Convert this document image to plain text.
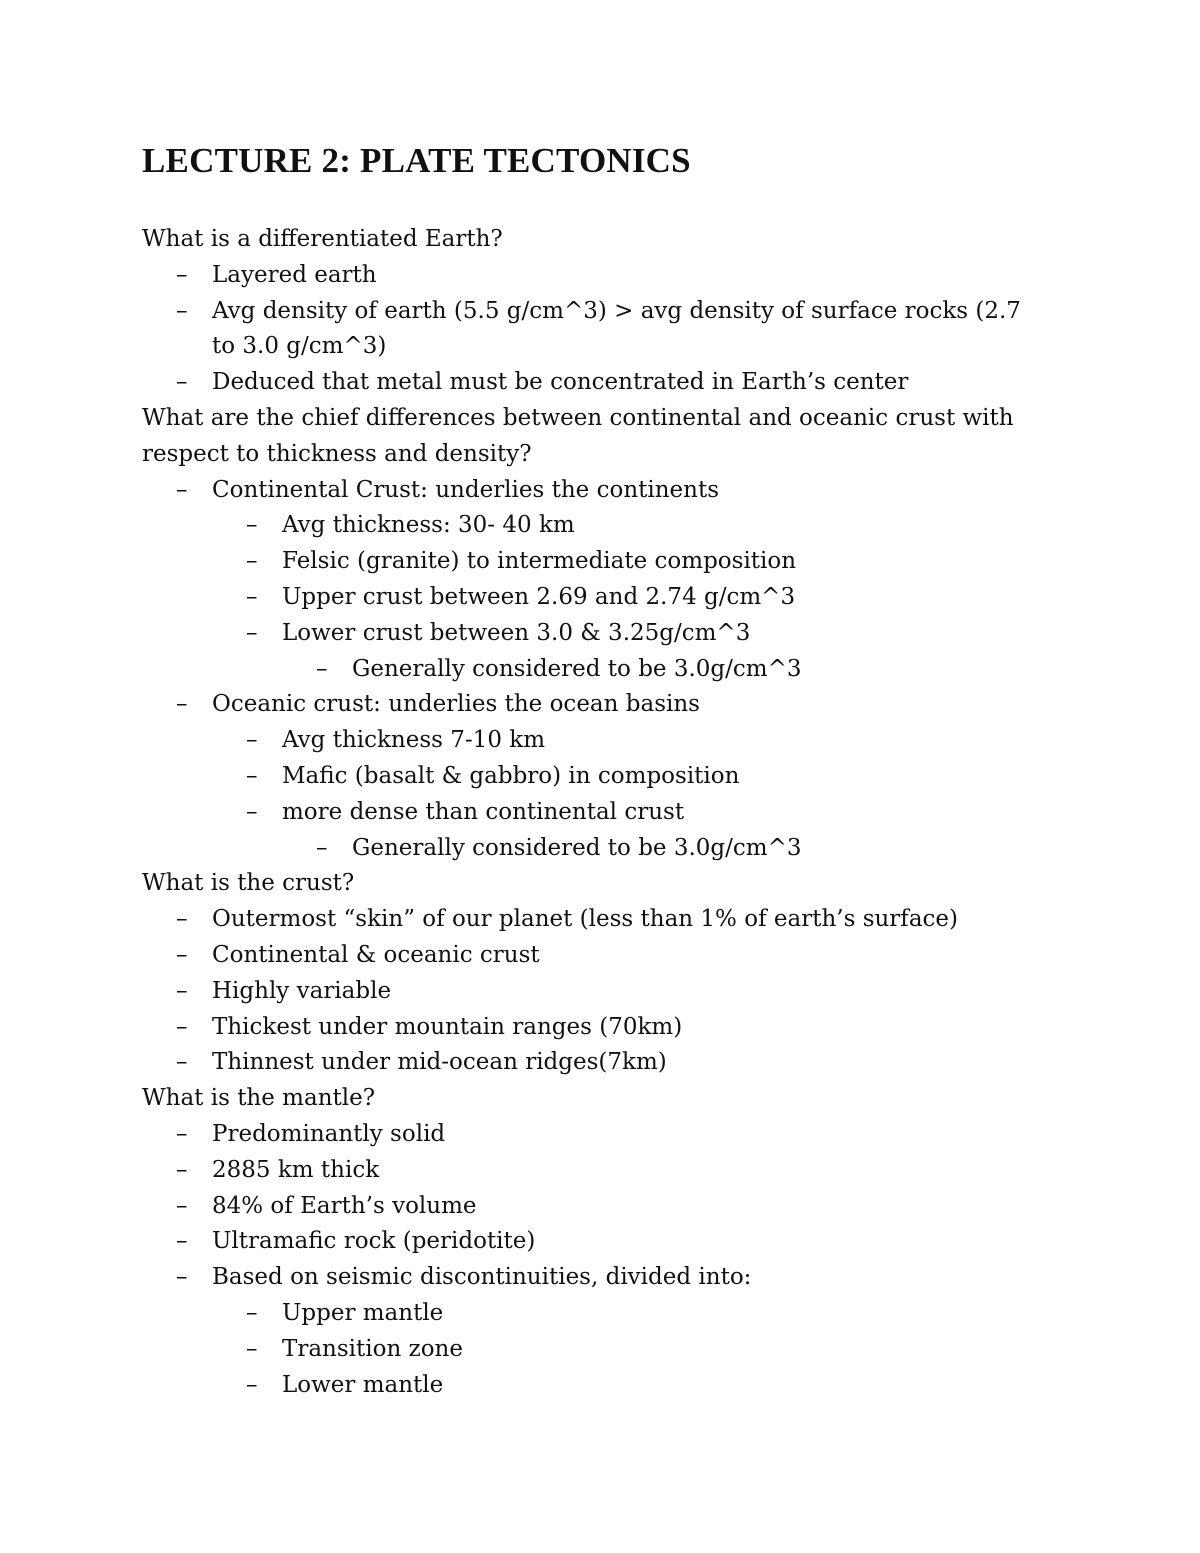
LECTURE 2: PLATE TECTONICS

What is a differentiated Earth?

– Layered earth

– Avg density of earth (5.5 g/cm^3) > avg density of surface rocks (2.7

to 3.0 g/cm^3)

– Deduced that metal must be concentrated in Earth’s center

What are the chief differences between continental and oceanic crust with

respect to thickness and density?

– Continental Crust: underlies the continents

– Avg thickness: 30- 40 km

– Felsic (granite) to intermediate composition

– Upper crust between 2.69 and 2.74 g/cm^3

– Lower crust between 3.0 & 3.25g/cm^3

– Generally considered to be 3.0g/cm^3

– Oceanic crust: underlies the ocean basins

– Avg thickness 7-10 km

– Mafic (basalt & gabbro) in composition

– more dense than continental crust

– Generally considered to be 3.0g/cm^3

What is the crust?

– Outermost “skin” of our planet (less than 1% of earth’s surface)

– Continental & oceanic crust

– Highly variable

– Thickest under mountain ranges (70km)

– Thinnest under mid-ocean ridges(7km)

What is the mantle?

– Predominantly solid

– 2885 km thick

– 84% of Earth’s volume

– Ultramafic rock (peridotite)

– Based on seismic discontinuities, divided into:

– Upper mantle

– Transition zone

– Lower mantle
